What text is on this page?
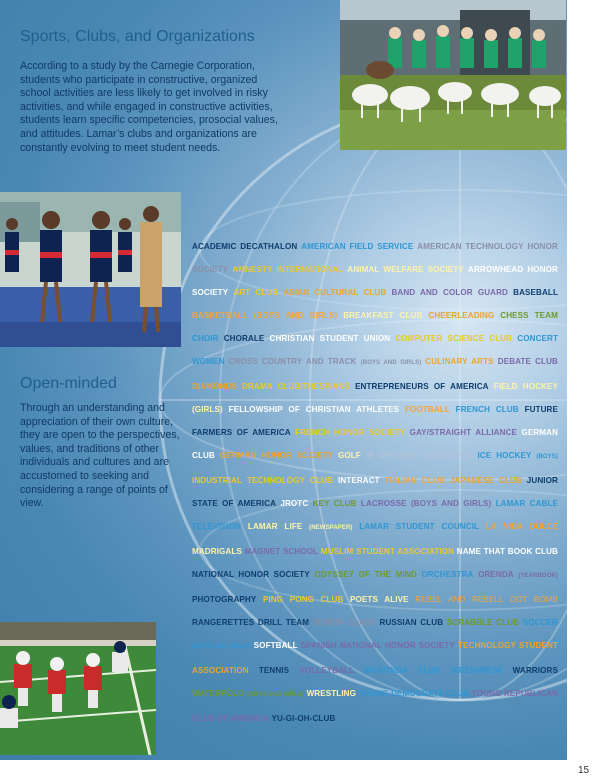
Sports, Clubs, and Organizations

According to a study by the Carnegie Corporation, students who participate in constructive, organized school activities are less likely to get involved in risky activities, and while engaged in constructive activities, students learn specific competencies, prosocial values, and attitudes. Lamar’s clubs and organizations are constantly evolving to meet student needs.

Open-minded

Through an understanding and appreciation of their own culture, they are open to the perspectives, values, and traditions of other individuals and cultures and are accustomed to seeking and considering a range of points of view.

ACADEMIC DECATHALON AMERICAN FIELD SERVICE AMERICAN TECHNOLOGY HONOR SOCIETY AMNESTY INTERNATIONAL ANIMAL WELFARE SOCIETY ARROWHEAD HONOR SOCIETY ART CLUB ASIAN CULTURAL CLUB BAND AND COLOR GUARD BASEBALL BASKETBALL (BOYS AND GIRLS) BREAKFAST CLUB CHEERLEADING CHESS TEAM CHOIR CHORALE CHRISTIAN STUDENT UNION COMPUTER SCIENCE CLUB CONCERT WOMEN CROSS COUNTRY AND TRACK (BOYS AND GIRLS) CULINARY ARTS DEBATE CLUB DIAMONDS DRAMA CLUB/THESPIANS ENTREPRENEURS OF AMERICA FIELD HOCKEY (GIRLS) FELLOWSHIP OF CHRISTIAN ATHLETES FOOTBALL FRENCH CLUB FUTURE FARMERS OF AMERICA FRENCH HONOR SOCIETY GAY/STRAIGHT ALLIANCE GERMAN CLUB GERMAN HONOR SOCIETY GOLF IB DIPLOMA CANDIDATES ICE HOCKEY (BOYS) INDUSTRIAL TECHNOLOGY CLUB INTERACT ITALIAN CLUB JAPANESE CLUB JUNIOR STATE OF AMERICA JROTC KEY CLUB LACROSSE (BOYS AND GIRLS) LAMAR CABLE TELEVISION LAMAR LIFE (NEWSPAPER) LAMAR STUDENT COUNCIL LA VIDA DULCE MADRIGALS MAGNET SCHOOL MUSLIM STUDENT ASSOCIATION NAME THAT BOOK CLUB NATIONAL HONOR SOCIETY ODYSSEY OF THE MIND ORCHESTRA ORENDA (YEARBOOK) PHOTOGRAPHY PING PONG CLUB POETS ALIVE REBEL AND REBELL DOT BOMB RANGERETTES DRILL TEAM SENIOR CLASS RUSSIAN CLUB SCRABBLE CLUB SOCCER (BOYS AND GIRLS) SOFTBALL SPANISH NATIONAL HONOR SOCIETY TECHNOLOGY STUDENT ASSOCIATION TENNIS VOLLEYBALL WAKONDA CLUB (FRESHMEN) WARRIORS WATERPOLO (BOYS AND GIRLS) WRESTLING YOUNG DEMOCRATS CLUB YOUNG REPUBLICAN CLUB OF AMERICA YU-GI-OH-CLUB
15
